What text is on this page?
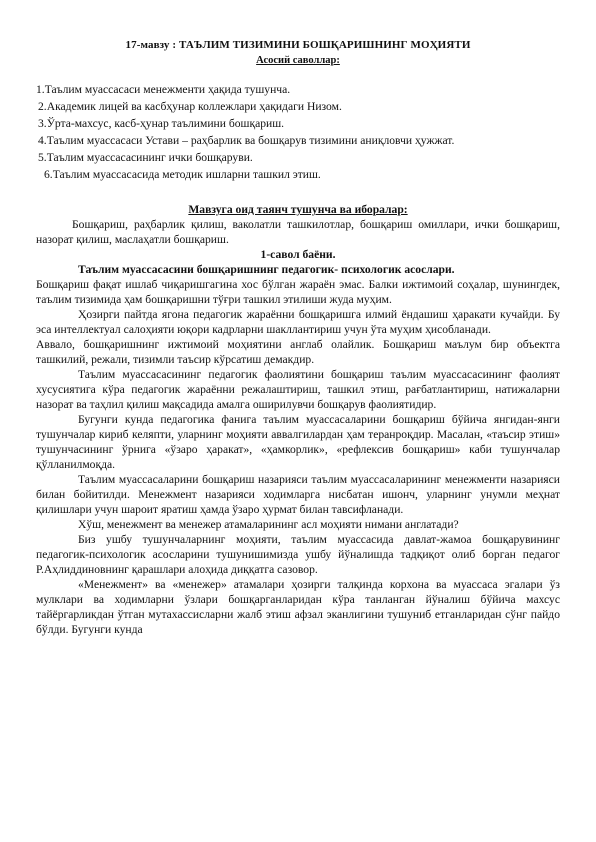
17-мавзу : ТАЪЛИМ ТИЗИМИНИ БОШҚАРИШНИНГ МОҲИЯТИ
Асосий саволлар:

1.Таълим муассасаси менежменти ҳақида тушунча.

2.Академик лицей ва касбҳунар коллежлари ҳақидаги Низом.

3.Ўрта-махсус, касб-ҳунар таълимини бошқариш.

4.Таълим муассасаси Устави – раҳбарлик ва бошқарув тизимини аниқловчи ҳужжат.

5.Таълим муассасасининг ички бошқаруви.

6.Таълим муассасасида методик ишларни ташкил этиш.

Мавзуга оид таянч тушунча ва иборалар:

Бошқариш, раҳбарлик қилиш, ваколатли ташкилотлар, бошқариш омиллари, ички бошқариш, назорат қилиш, маслаҳатли бошқариш.

1-савол баёни.

Таълим муассасасини бошқаришнинг педагогик- психологик асослари.

Бошқариш фақат ишлаб чиқаришгагина хос бўлган жараён эмас. Балки ижтимоий соҳалар, шунингдек, таълим тизимида ҳам бошқаришни тўғри ташкил этилиши жуда муҳим.

Ҳозирги пайтда ягона педагогик жараённи бошқаришга илмий ёндашиш ҳаракати кучайди. Бу эса интеллектуал салоҳияти юқори кадрларни шакллантириш учун ўта муҳим ҳисобланади.

Аввало, бошқаришнинг ижтимоий моҳиятини англаб олайлик. Бошқариш маълум бир объектга ташкилий, режали, тизимли таъсир кўрсатиш демакдир.

Таълим муассасасининг педагогик фаолиятини бошқариш таълим муассасасининг фаолият хусусиятига кўра педагогик жараённи режалаштириш, ташкил этиш, рағбатлантириш, натижаларни назорат ва таҳлил қилиш мақсадида амалга оширилувчи бошқарув фаолиятидир.

Бугунги кунда педагогика фанига таълим муассасаларини бошқариш бўйича янгидан-янги тушунчалар кириб келяпти, уларнинг моҳияти аввалгилардан ҳам теранроқдир. Масалан, «таъсир этиш» тушунчасининг ўрнига «ўзаро ҳаракат», «ҳамкорлик», «рефлексив бошқариш» каби тушунчалар қўлланилмоқда.

Таълим муассасаларини бошқариш назарияси таълим муассасаларининг менежменти назарияси билан бойитилди. Менежмент назарияси ходимларга нисбатан ишонч, уларнинг унумли меҳнат қилишлари учун шароит яратиш ҳамда ўзаро ҳурмат билан тавсифланади.

Хўш, менежмент ва менежер атамаларининг асл моҳияти нимани англатади?

Биз ушбу тушунчаларнинг моҳияти, таълим муассасида давлат-жамоа бошқарувининг педагогик-психологик асосларини тушунишимизда ушбу йўналишда тадқиқот олиб борган педагог Р.Аҳлиддиновнинг қарашлари алоҳида диққатга сазовор.

«Менежмент» ва «менежер» атамалари ҳозирги талқинда корхона ва муассаса эгалари ўз мулклари ва ходимларни ўзлари бошқарганларидан кўра танланган йўналиш бўйича махсус тайёргарликдан ўтган мутахассисларни жалб этиш афзал эканлигини тушуниб етганларидан сўнг пайдо бўлди. Бугунги кунда
